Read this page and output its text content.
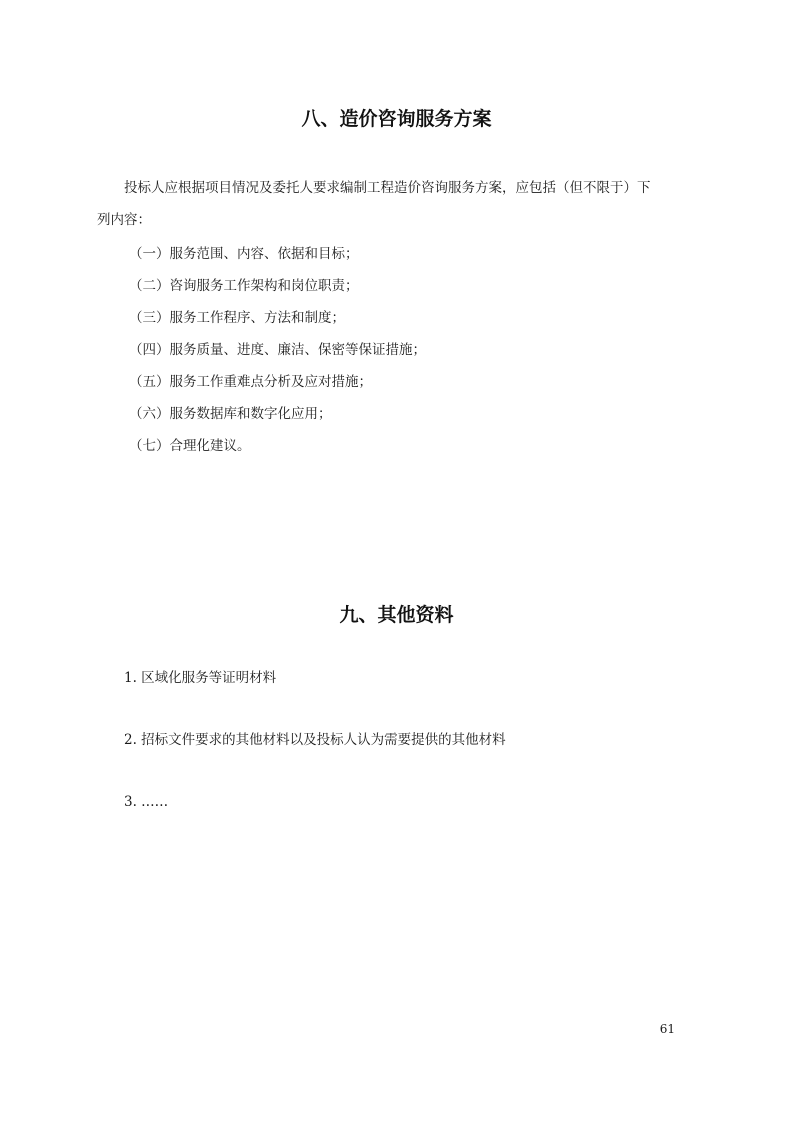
八、造价咨询服务方案
投标人应根据项目情况及委托人要求编制工程造价咨询服务方案，应包括（但不限于）下
列内容：
（一）服务范围、内容、依据和目标；
（二）咨询服务工作架构和岗位职责；
（三）服务工作程序、方法和制度；
（四）服务质量、进度、廉洁、保密等保证措施；
（五）服务工作重难点分析及应对措施；
（六）服务数据库和数字化应用；
（七）合理化建议。
九、其他资料
1. 区域化服务等证明材料
2. 招标文件要求的其他材料以及投标人认为需要提供的其他材料
3. ……
61
